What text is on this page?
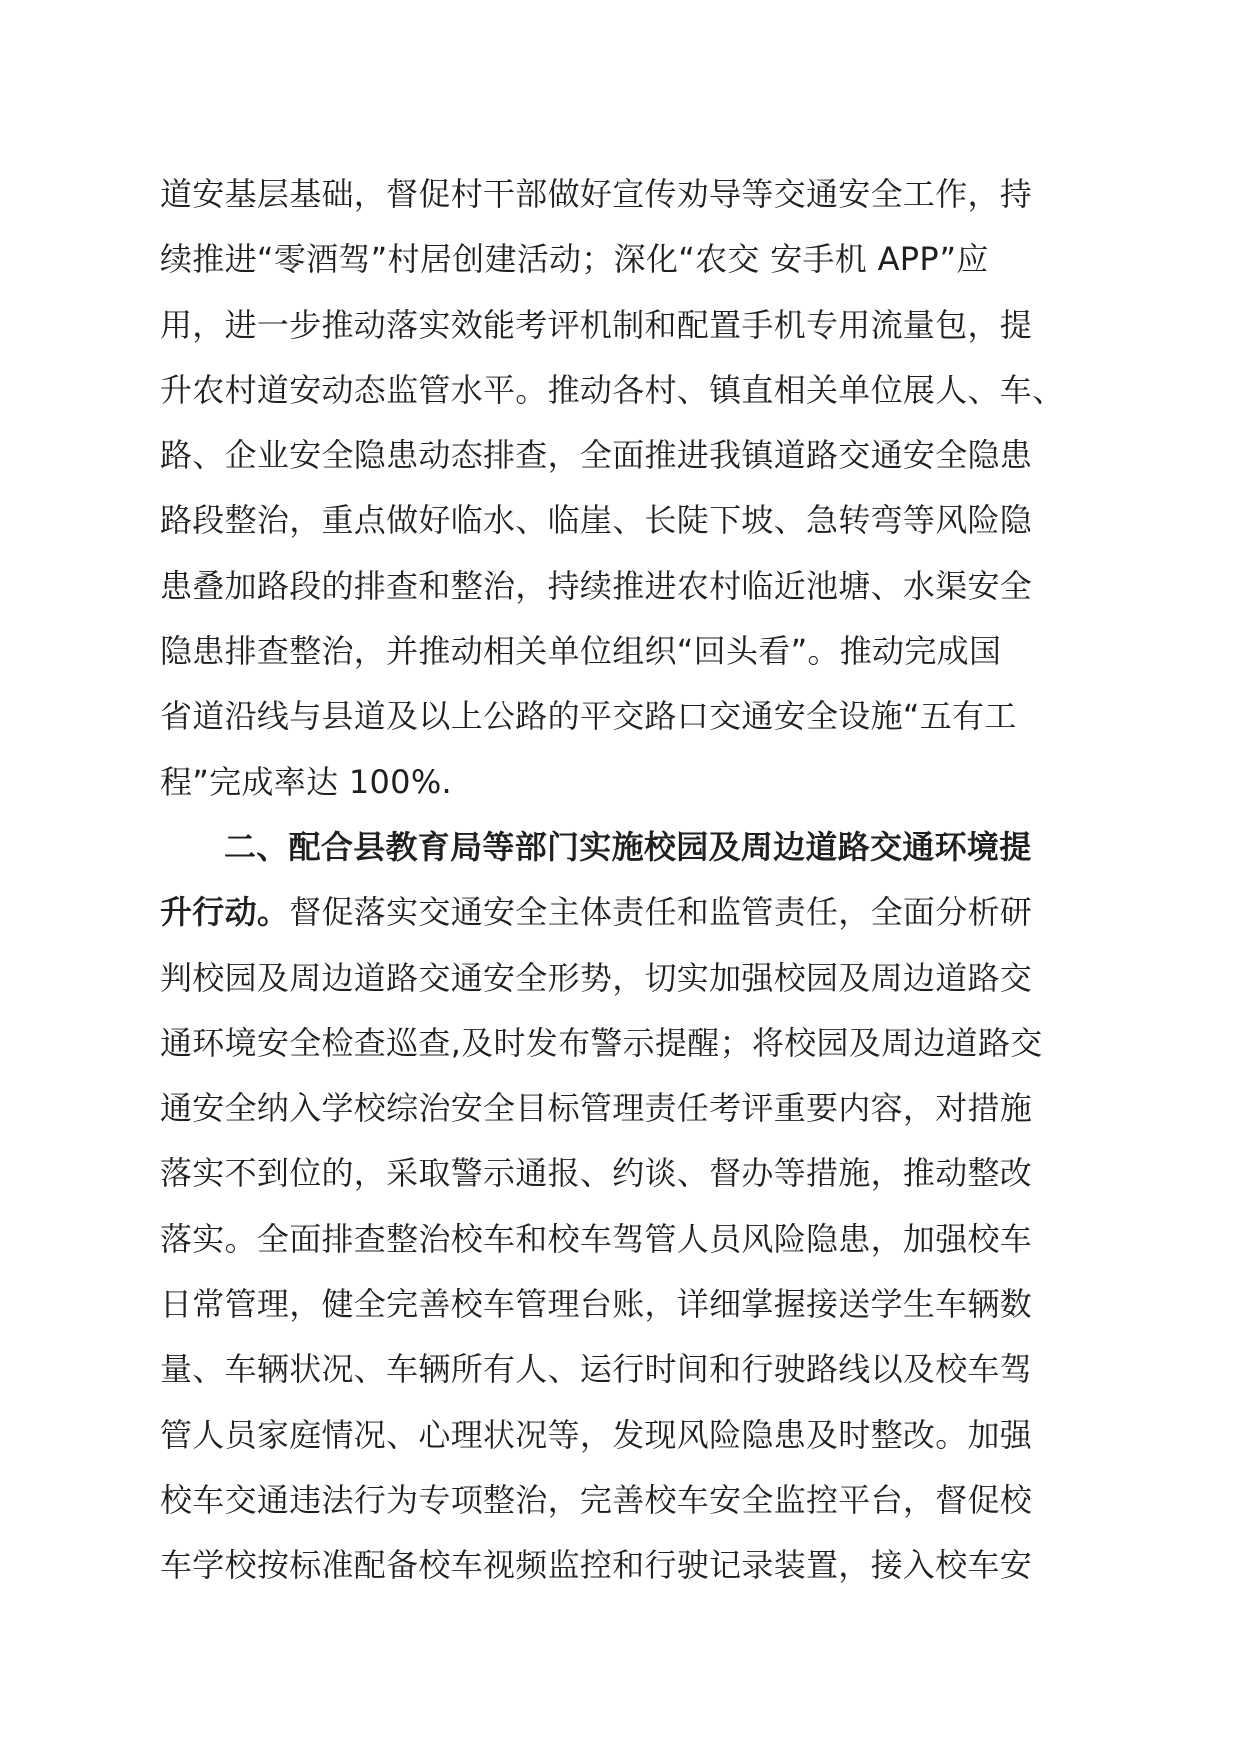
道安基层基础，督促村干部做好宣传劝导等交通安全工作，持
续推进“零酒驾”村居创建活动；深化“农交 安手机 APP”应
用，进一步推动落实效能考评机制和配置手机专用流量包，提
升农村道安动态监管水平。推动各村、镇直相关单位展人、车、
路、企业安全隐患动态排查，全面推进我镇道路交通安全隐患
路段整治，重点做好临水、临崖、长陡下坡、急转弯等风险隐
患叠加路段的排查和整治，持续推进农村临近池塘、水渠安全
隐患排查整治，并推动相关单位组织“回头看”。推动完成国
省道沿线与县道及以上公路的平交路口交通安全设施“五有工
程”完成率达 100%.
二、配合县教育局等部门实施校园及周边道路交通环境提
升行动。督促落实交通安全主体责任和监管责任，全面分析研
判校园及周边道路交通安全形势，切实加强校园及周边道路交
通环境安全检查巡查,及时发布警示提醒；将校园及周边道路交
通安全纳入学校综治安全目标管理责任考评重要内容，对措施
落实不到位的，采取警示通报、约谈、督办等措施，推动整改
落实。全面排查整治校车和校车驾管人员风险隐患，加强校车
日常管理，健全完善校车管理台账，详细掌握接送学生车辆数
量、车辆状况、车辆所有人、运行时间和行驶路线以及校车驾
管人员家庭情况、心理状况等，发现风险隐患及时整改。加强
校车交通违法行为专项整治，完善校车安全监控平台，督促校
车学校按标准配备校车视频监控和行驶记录装置，接入校车安
